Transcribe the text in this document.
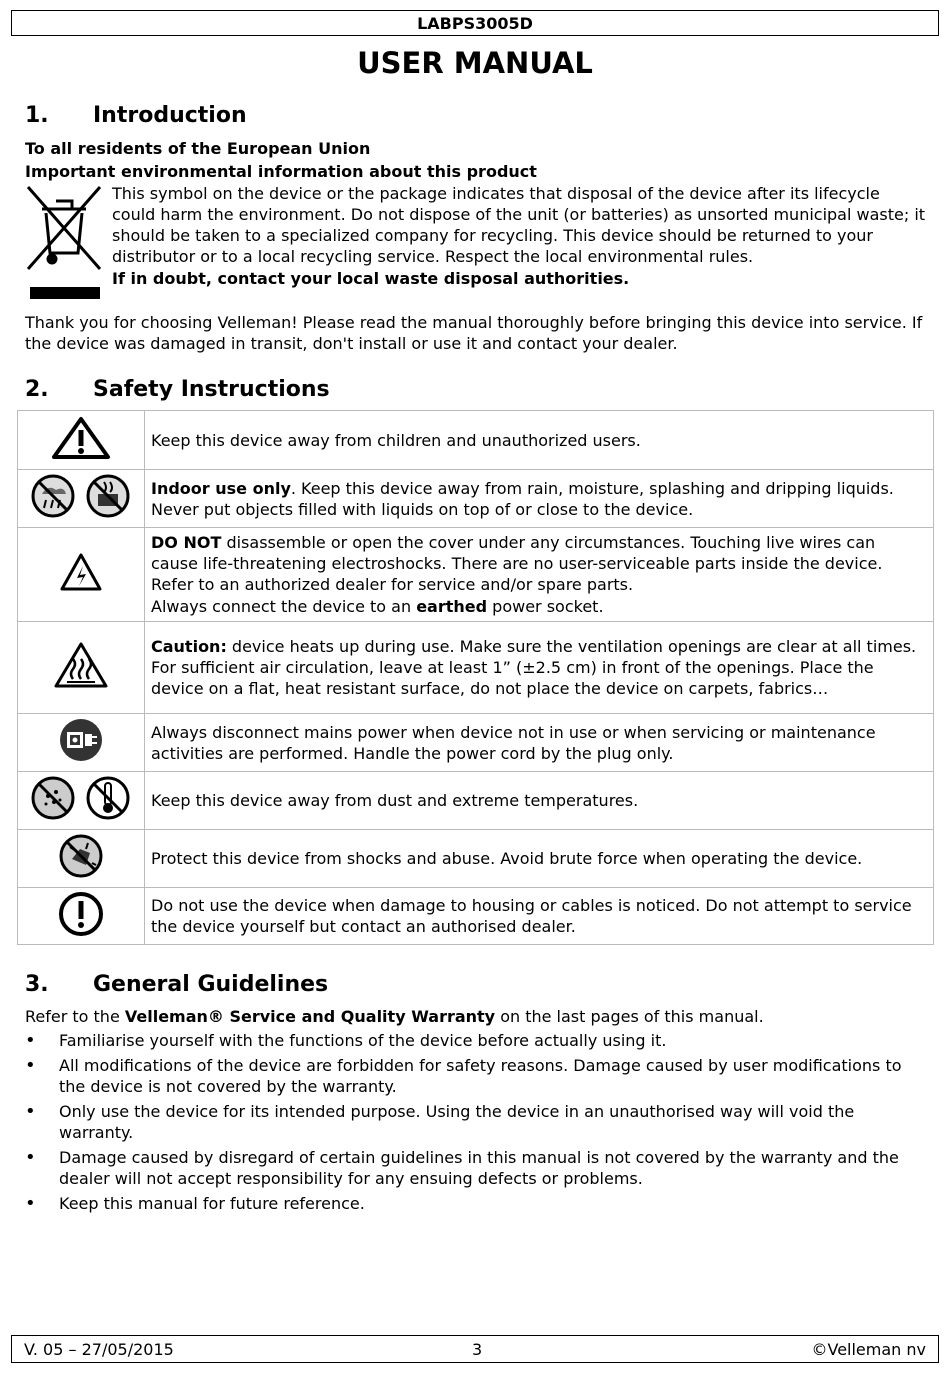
LABPS3005D
USER MANUAL
1. Introduction
To all residents of the European Union
Important environmental information about this product
This symbol on the device or the package indicates that disposal of the device after its lifecycle could harm the environment. Do not dispose of the unit (or batteries) as unsorted municipal waste; it should be taken to a specialized company for recycling. This device should be returned to your distributor or to a local recycling service. Respect the local environmental rules.
If in doubt, contact your local waste disposal authorities.
Thank you for choosing Velleman! Please read the manual thoroughly before bringing this device into service. If the device was damaged in transit, don't install or use it and contact your dealer.
2. Safety Instructions
	Keep this device away from children and unauthorized users.
	Indoor use only. Keep this device away from rain, moisture, splashing and dripping liquids. Never put objects filled with liquids on top of or close to the device.
	DO NOT disassemble or open the cover under any circumstances. Touching live wires can cause life-threatening electroshocks. There are no user-serviceable parts inside the device. Refer to an authorized dealer for service and/or spare parts.
Always connect the device to an earthed power socket.

	Caution: device heats up during use. Make sure the ventilation openings are clear at all times. For sufficient air circulation, leave at least 1” (±2.5 cm) in front of the openings. Place the device on a flat, heat resistant surface, do not place the device on carpets, fabrics…
	Always disconnect mains power when device not in use or when servicing or maintenance activities are performed. Handle the power cord by the plug only.
	Keep this device away from dust and extreme temperatures.
	Protect this device from shocks and abuse. Avoid brute force when operating the device.
	Do not use the device when damage to housing or cables is noticed. Do not attempt to service the device yourself but contact an authorised dealer.
3. General Guidelines
Refer to the Velleman® Service and Quality Warranty on the last pages of this manual.
• Familiarise yourself with the functions of the device before actually using it.
• All modifications of the device are forbidden for safety reasons. Damage caused by user modifications to the device is not covered by the warranty.
• Only use the device for its intended purpose. Using the device in an unauthorised way will void the warranty.
• Damage caused by disregard of certain guidelines in this manual is not covered by the warranty and the dealer will not accept responsibility for any ensuing defects or problems.
• Keep this manual for future reference.
V. 05 – 27/05/2015	3	©Velleman nv
